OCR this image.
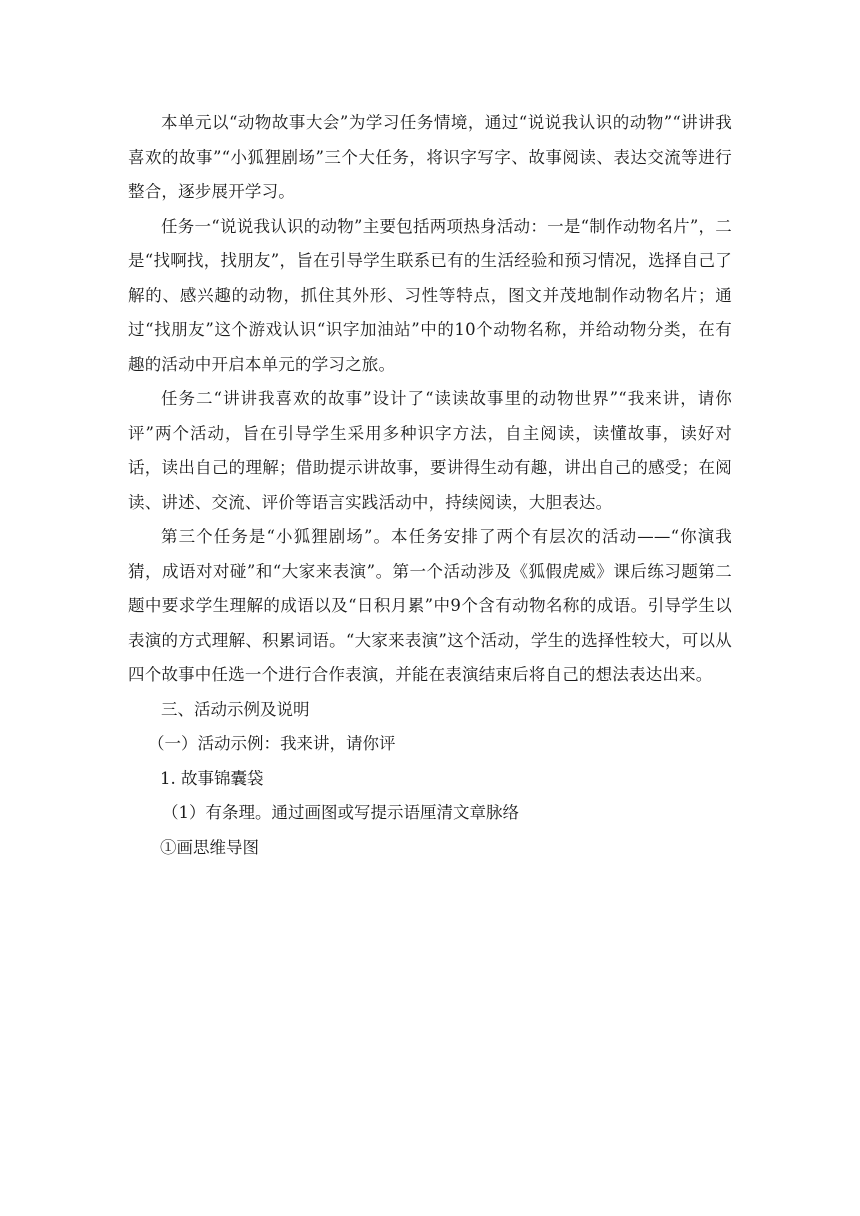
本单元以“动物故事大会”为学习任务情境，通过“说说我认识的动物”“讲讲我喜欢的故事”“小狐狸剧场”三个大任务，将识字写字、故事阅读、表达交流等进行整合，逐步展开学习。

任务一“说说我认识的动物”主要包括两项热身活动：一是“制作动物名片”，二是“找啊找，找朋友”，旨在引导学生联系已有的生活经验和预习情况，选择自己了解的、感兴趣的动物，抓住其外形、习性等特点，图文并茂地制作动物名片；通过“找朋友”这个游戏认识“识字加油站”中的10个动物名称，并给动物分类，在有趣的活动中开启本单元的学习之旅。

任务二“讲讲我喜欢的故事”设计了“读读故事里的动物世界”“我来讲，请你评”两个活动，旨在引导学生采用多种识字方法，自主阅读，读懂故事，读好对话，读出自己的理解；借助提示讲故事，要讲得生动有趣，讲出自己的感受；在阅读、讲述、交流、评价等语言实践活动中，持续阅读，大胆表达。

第三个任务是“小狐狸剧场”。本任务安排了两个有层次的活动——“你演我猜，成语对对碰”和“大家来表演”。第一个活动涉及《狐假虎威》课后练习题第二题中要求学生理解的成语以及“日积月累”中9个含有动物名称的成语。引导学生以表演的方式理解、积累词语。“大家来表演”这个活动，学生的选择性较大，可以从四个故事中任选一个进行合作表演，并能在表演结束后将自己的想法表达出来。

三、活动示例及说明

（一）活动示例：我来讲，请你评

1. 故事锦囊袋

（1）有条理。通过画图或写提示语厘清文章脉络

①画思维导图
